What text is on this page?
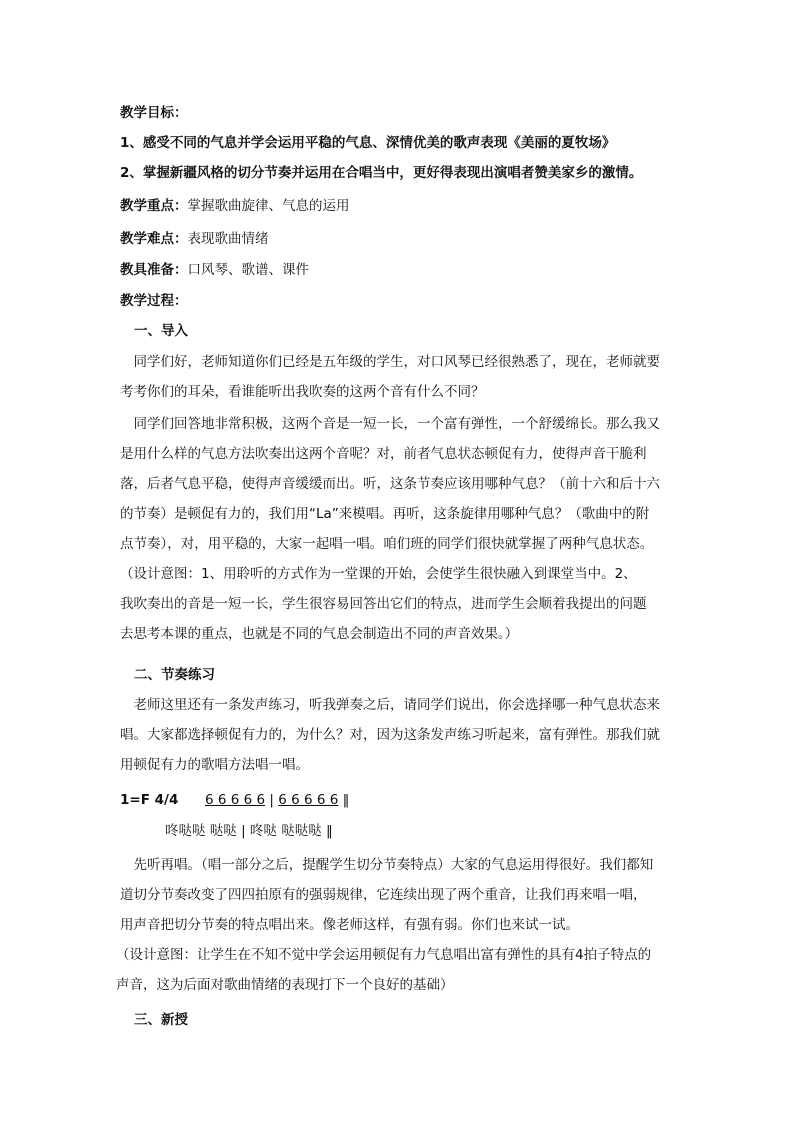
教学目标：
1、感受不同的气息并学会运用平稳的气息、深情优美的歌声表现《美丽的夏牧场》
2、掌握新疆风格的切分节奏并运用在合唱当中，更好得表现出演唱者赞美家乡的激情。
教学重点：掌握歌曲旋律、气息的运用
教学难点：表现歌曲情绪
教具准备：口风琴、歌谱、课件
教学过程：
一、导入
　同学们好，老师知道你们已经是五年级的学生，对口风琴已经很熟悉了，现在，老师就要
考考你们的耳朵，看谁能听出我吹奏的这两个音有什么不同？
　同学们回答地非常积极，这两个音是一短一长，一个富有弹性，一个舒缓绵长。那么我又
是用什么样的气息方法吹奏出这两个音呢？对，前者气息状态顿促有力，使得声音干脆利
落，后者气息平稳，使得声音缓缓而出。听，这条节奏应该用哪种气息？（前十六和后十六
的节奏）是顿促有力的，我们用“La”来模唱。再听，这条旋律用哪种气息？（歌曲中的附
点节奏），对，用平稳的，大家一起唱一唱。咱们班的同学们很快就掌握了两种气息状态。
（设计意图：1、用聆听的方式作为一堂课的开始，会使学生很快融入到课堂当中。2、
我吹奏出的音是一短一长，学生很容易回答出它们的特点，进而学生会顺着我提出的问题
去思考本课的重点，也就是不同的气息会制造出不同的声音效果。）
二、节奏练习
　老师这里还有一条发声练习，听我弹奏之后，请同学们说出，你会选择哪一种气息状态来
唱。大家都选择顿促有力的，为什么？对，因为这条发声练习听起来，富有弹性。那我们就
用顿促有力的歌唱方法唱一唱。
1=F 4/4 6 6 6 6 6 | 6 6 6 6 6 ‖
咚哒哒 哒哒 | 咚哒 哒哒哒 ‖
　先听再唱。（唱一部分之后，提醒学生切分节奏特点）大家的气息运用得很好。我们都知
道切分节奏改变了四四拍原有的强弱规律，它连续出现了两个重音，让我们再来唱一唱，
用声音把切分节奏的特点唱出来。像老师这样，有强有弱。你们也来试一试。
（设计意图：让学生在不知不觉中学会运用顿促有力气息唱出富有弹性的具有4拍子特点的
声音，这为后面对歌曲情绪的表现打下一个良好的基础）
三、新授
